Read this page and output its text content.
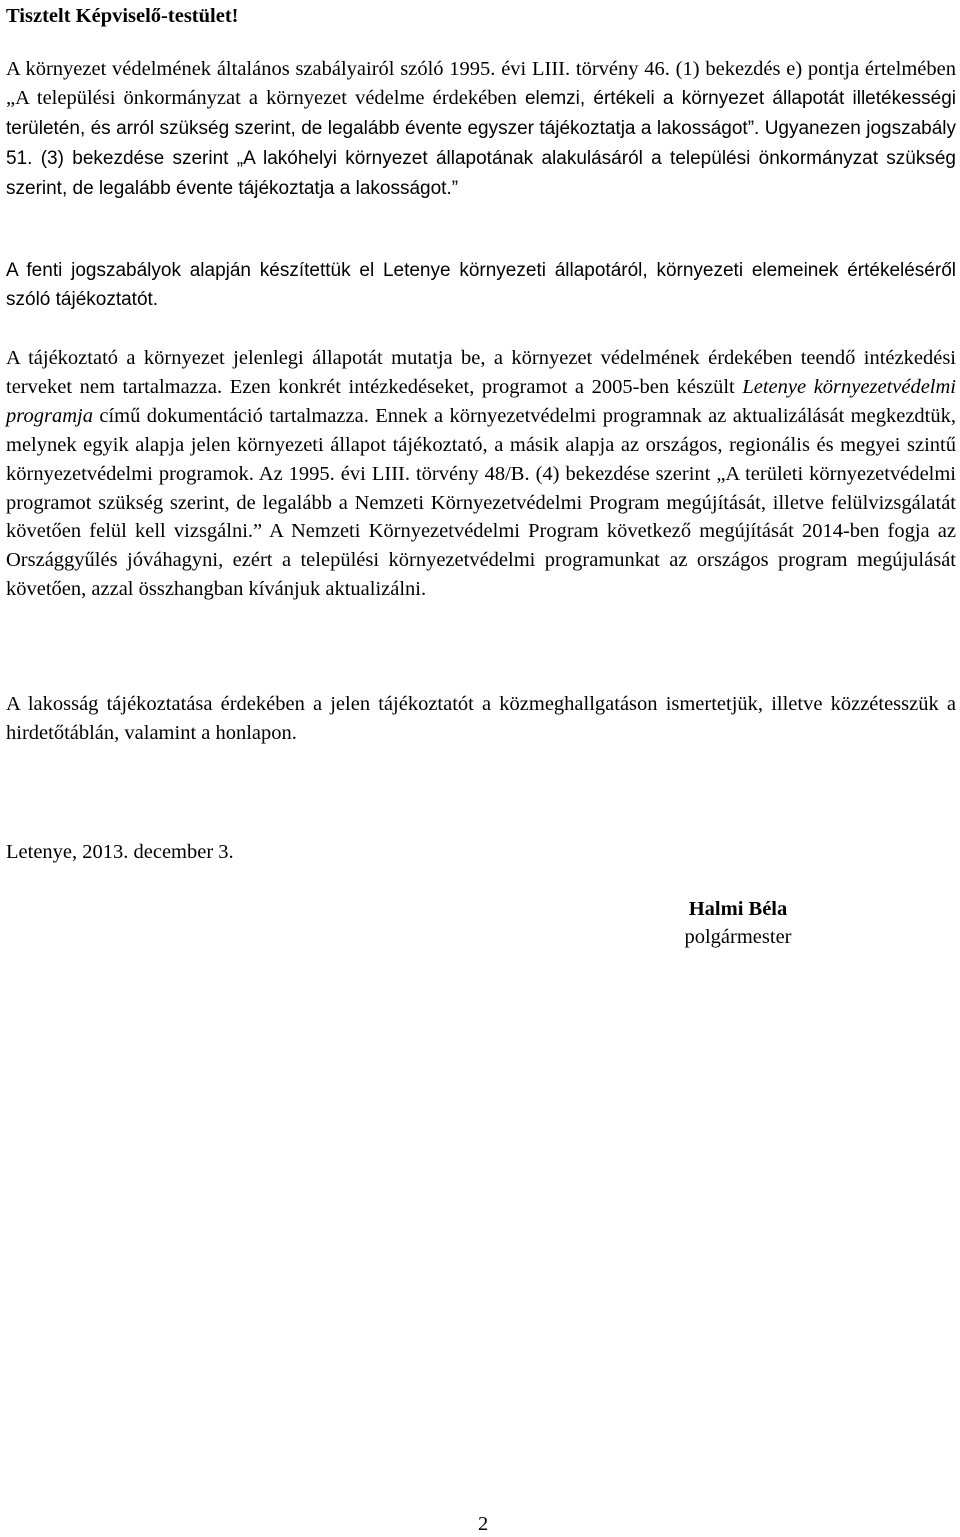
Tisztelt Képviselő-testület!

A környezet védelmének általános szabályairól szóló 1995. évi LIII. törvény 46. (1) bekezdés e) pontja értelmében „A települési önkormányzat a környezet védelme érdekében elemzi, értékeli a környezet állapotát illetékességi területén, és arról szükség szerint, de legalább évente egyszer tájékoztatja a lakosságot”. Ugyanezen jogszabály 51. (3) bekezdése szerint „A lakóhelyi környezet állapotának alakulásáról a települési önkormányzat szükség szerint, de legalább évente tájékoztatja a lakosságot.”

A fenti jogszabályok alapján készítettük el Letenye környezeti állapotáról, környezeti elemeinek értékeléséről szóló tájékoztatót.

A tájékoztató a környezet jelenlegi állapotát mutatja be, a környezet védelmének érdekében teendő intézkedési terveket nem tartalmazza. Ezen konkrét intézkedéseket, programot a 2005-ben készült Letenye környezetvédelmi programja című dokumentáció tartalmazza. Ennek a környezetvédelmi programnak az aktualizálását megkezdtük, melynek egyik alapja jelen környezeti állapot tájékoztató, a másik alapja az országos, regionális és megyei szintű környezetvédelmi programok. Az 1995. évi LIII. törvény 48/B. (4) bekezdése szerint „A területi környezetvédelmi programot szükség szerint, de legalább a Nemzeti Környezetvédelmi Program megújítását, illetve felülvizsgálatát követően felül kell vizsgálni.” A Nemzeti Környezetvédelmi Program következő megújítását 2014-ben fogja az Országgyűlés jóváhagyni, ezért a települési környezetvédelmi programunkat az országos program megújulását követően, azzal összhangban kívánjuk aktualizálni.

A lakosság tájékoztatása érdekében a jelen tájékoztatót a közmeghallgatáson ismertetjük, illetve közzétesszük a hirdetőtáblán, valamint a honlapon.

Letenye, 2013. december 3.
Halmi Béla
polgármester
2
